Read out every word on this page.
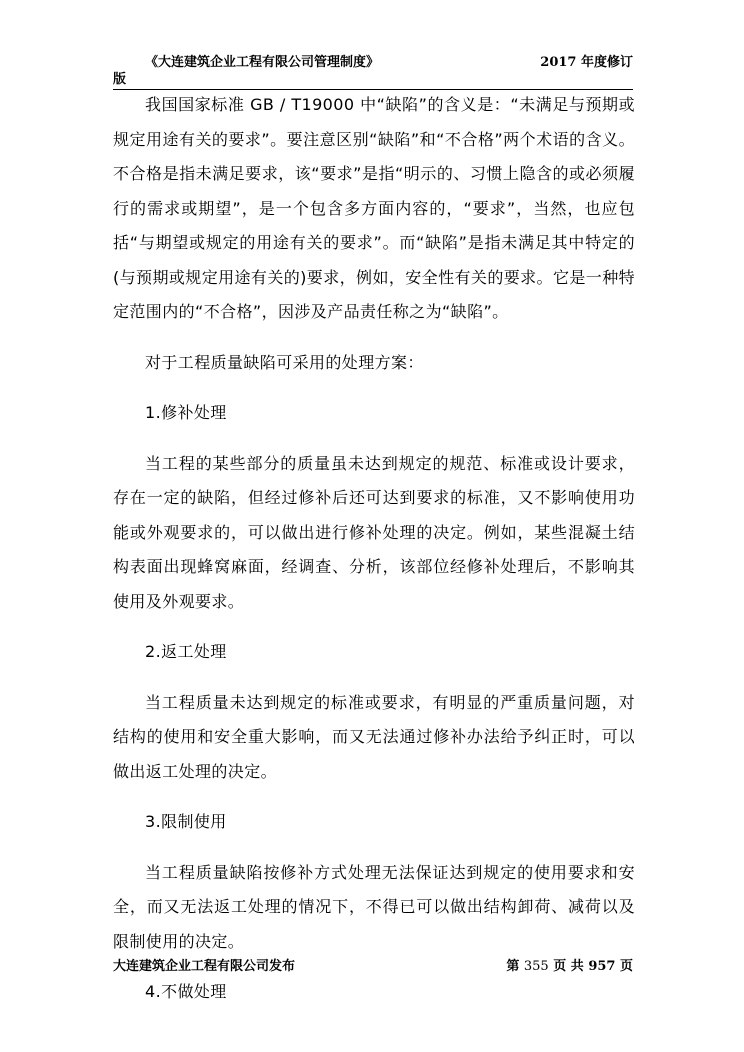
《大连建筑企业工程有限公司管理制度》	2017 年度修订
版

我国国家标准 GB / T19000 中“缺陷”的含义是：“未满足与预期或规定用途有关的要求”。要注意区别“缺陷”和“不合格”两个术语的含义。不合格是指未满足要求，该“要求”是指“明示的、习惯上隐含的或必须履行的需求或期望”，是一个包含多方面内容的，“要求”，当然，也应包括“与期望或规定的用途有关的要求”。而“缺陷”是指未满足其中特定的(与预期或规定用途有关的)要求，例如，安全性有关的要求。它是一种特定范围内的“不合格”，因涉及产品责任称之为“缺陷”。

对于工程质量缺陷可采用的处理方案：

1.修补处理

当工程的某些部分的质量虽未达到规定的规范、标准或设计要求，存在一定的缺陷，但经过修补后还可达到要求的标准，又不影响使用功能或外观要求的，可以做出进行修补处理的决定。例如，某些混凝土结构表面出现蜂窝麻面，经调查、分析，该部位经修补处理后，不影响其使用及外观要求。

2.返工处理

当工程质量未达到规定的标准或要求，有明显的严重质量问题，对结构的使用和安全重大影响，而又无法通过修补办法给予纠正时，可以做出返工处理的决定。

3.限制使用

当工程质量缺陷按修补方式处理无法保证达到规定的使用要求和安全，而又无法返工处理的情况下，不得已可以做出结构卸荷、减荷以及限制使用的决定。

4.不做处理

大连建筑企业工程有限公司发布	第 355 页 共 957 页
